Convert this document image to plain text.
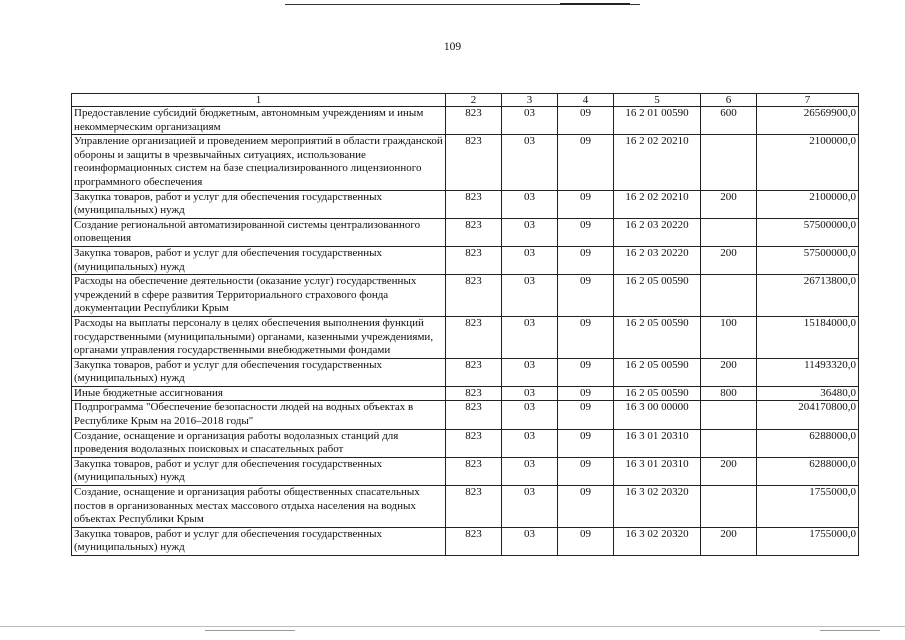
109
1	2	3	4	5	6	7
Предоставление субсидий бюджетным, автономным учреждениям и иным некоммерческим организациям	823	03	09	16 2 01 00590	600	26569900,0
Управление организацией и проведением мероприятий в области гражданской обороны и защиты в чрезвычайных ситуациях, использование геоинформационных систем на базе специализированного лицензионного программного обеспечения	823	03	09	16 2 02 20210		2100000,0
Закупка товаров, работ и услуг для обеспечения государственных (муниципальных) нужд	823	03	09	16 2 02 20210	200	2100000,0
Создание региональной автоматизированной системы централизованного оповещения	823	03	09	16 2 03 20220		57500000,0
Закупка товаров, работ и услуг для обеспечения государственных (муниципальных) нужд	823	03	09	16 2 03 20220	200	57500000,0
Расходы на обеспечение деятельности (оказание услуг) государственных учреждений в сфере развития Территориального страхового фонда документации Республики Крым	823	03	09	16 2 05 00590		26713800,0
Расходы на выплаты персоналу в целях обеспечения выполнения функций государственными (муниципальными) органами, казенными учреждениями, органами управления государственными внебюджетными фондами	823	03	09	16 2 05 00590	100	15184000,0
Закупка товаров, работ и услуг для обеспечения государственных (муниципальных) нужд	823	03	09	16 2 05 00590	200	11493320,0
Иные бюджетные ассигнования	823	03	09	16 2 05 00590	800	36480,0
Подпрограмма "Обеспечение безопасности людей на водных объектах в Республике Крым на 2016–2018 годы"	823	03	09	16 3 00 00000		204170800,0
Создание, оснащение и организация работы водолазных станций для проведения водолазных поисковых и спасательных работ	823	03	09	16 3 01 20310		6288000,0
Закупка товаров, работ и услуг для обеспечения государственных (муниципальных) нужд	823	03	09	16 3 01 20310	200	6288000,0
Создание, оснащение и организация работы общественных спасательных постов в организованных местах массового отдыха населения на водных объектах Республики Крым	823	03	09	16 3 02 20320		1755000,0
Закупка товаров, работ и услуг для обеспечения государственных (муниципальных) нужд	823	03	09	16 3 02 20320	200	1755000,0
